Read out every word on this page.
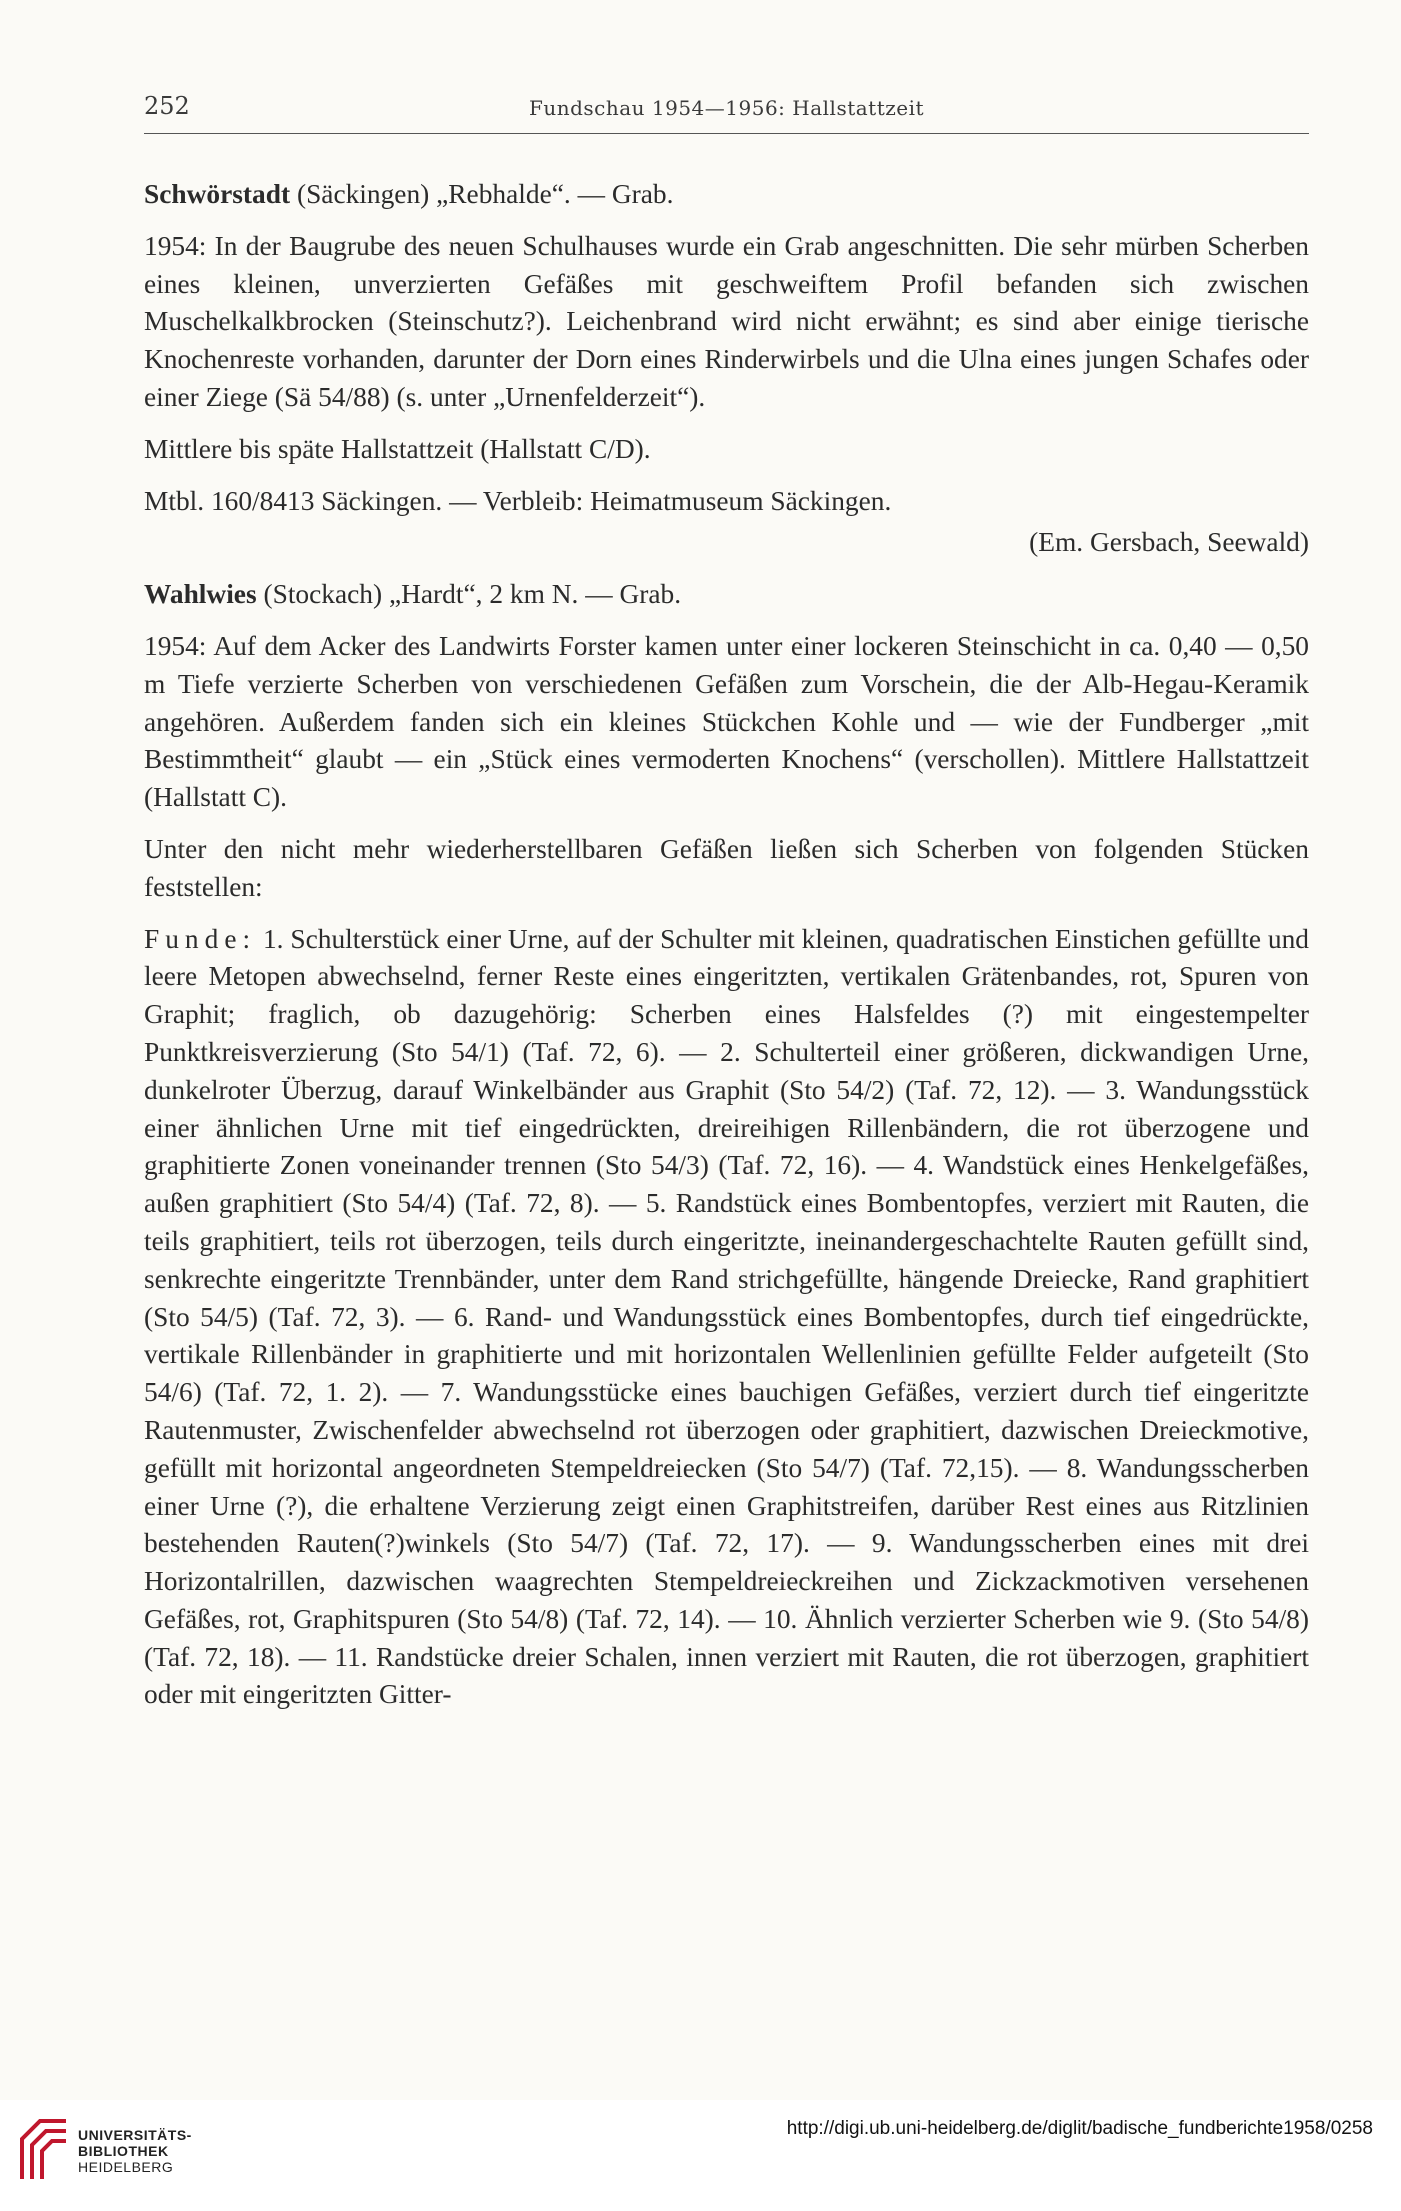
252	Fundschau 1954—1956: Hallstattzeit

Schwörstadt (Säckingen) „Rebhalde“. — Grab.

1954: In der Baugrube des neuen Schulhauses wurde ein Grab angeschnitten. Die sehr mürben Scherben eines kleinen, unverzierten Gefäßes mit geschweiftem Profil befanden sich zwischen Muschelkalkbrocken (Steinschutz?). Leichenbrand wird nicht erwähnt; es sind aber einige tierische Knochenreste vorhanden, darunter der Dorn eines Rinderwirbels und die Ulna eines jungen Schafes oder einer Ziege (Sä 54/88) (s. unter „Urnenfelderzeit“).

Mittlere bis späte Hallstattzeit (Hallstatt C/D).

Mtbl. 160/8413 Säckingen. — Verbleib: Heimatmuseum Säckingen.

(Em. Gersbach, Seewald)

Wahlwies (Stockach) „Hardt“, 2 km N. — Grab.

1954: Auf dem Acker des Landwirts Forster kamen unter einer lockeren Steinschicht in ca. 0,40 — 0,50 m Tiefe verzierte Scherben von verschiedenen Gefäßen zum Vorschein, die der Alb-Hegau-Keramik angehören. Außerdem fanden sich ein kleines Stückchen Kohle und — wie der Fundberger „mit Bestimmtheit“ glaubt — ein „Stück eines vermoderten Knochens“ (verschollen). Mittlere Hallstattzeit (Hallstatt C).

Unter den nicht mehr wiederherstellbaren Gefäßen ließen sich Scherben von folgenden Stücken feststellen:

Funde: 1. Schulterstück einer Urne, auf der Schulter mit kleinen, quadratischen Einstichen gefüllte und leere Metopen abwechselnd, ferner Reste eines eingeritzten, vertikalen Grätenbandes, rot, Spuren von Graphit; fraglich, ob dazugehörig: Scherben eines Halsfeldes (?) mit eingestempelter Punktkreisverzierung (Sto 54/1) (Taf. 72, 6). — 2. Schulterteil einer größeren, dickwandigen Urne, dunkelroter Überzug, darauf Winkelbänder aus Graphit (Sto 54/2) (Taf. 72, 12). — 3. Wandungsstück einer ähnlichen Urne mit tief eingedrückten, dreireihigen Rillenbändern, die rot überzogene und graphitierte Zonen voneinander trennen (Sto 54/3) (Taf. 72, 16). — 4. Wandstück eines Henkelgefäßes, außen graphitiert (Sto 54/4) (Taf. 72, 8). — 5. Randstück eines Bombentopfes, verziert mit Rauten, die teils graphitiert, teils rot überzogen, teils durch eingeritzte, ineinandergeschachtelte Rauten gefüllt sind, senkrechte eingeritzte Trennbänder, unter dem Rand strichgefüllte, hängende Dreiecke, Rand graphitiert (Sto 54/5) (Taf. 72, 3). — 6. Rand- und Wandungsstück eines Bombentopfes, durch tief eingedrückte, vertikale Rillenbänder in graphitierte und mit horizontalen Wellenlinien gefüllte Felder aufgeteilt (Sto 54/6) (Taf. 72, 1. 2). — 7. Wandungsstücke eines bauchigen Gefäßes, verziert durch tief eingeritzte Rautenmuster, Zwischenfelder abwechselnd rot überzogen oder graphitiert, dazwischen Dreieckmotive, gefüllt mit horizontal angeordneten Stempeldreiecken (Sto 54/7) (Taf. 72,15). — 8. Wandungsscherben einer Urne (?), die erhaltene Verzierung zeigt einen Graphitstreifen, darüber Rest eines aus Ritzlinien bestehenden Rauten(?)winkels (Sto 54/7) (Taf. 72, 17). — 9. Wandungsscherben eines mit drei Horizontalrillen, dazwischen waagrechten Stempeldreieckreihen und Zickzackmotiven versehenen Gefäßes, rot, Graphitspuren (Sto 54/8) (Taf. 72, 14). — 10. Ähnlich verzierter Scherben wie 9. (Sto 54/8) (Taf. 72, 18). — 11. Randstücke dreier Schalen, innen verziert mit Rauten, die rot überzogen, graphitiert oder mit eingeritzten Gitter-

UNIVERSITÄTS-
BIBLIOTHEK
HEIDELBERG
http://digi.ub.uni-heidelberg.de/diglit/badische_fundberichte1958/0258
